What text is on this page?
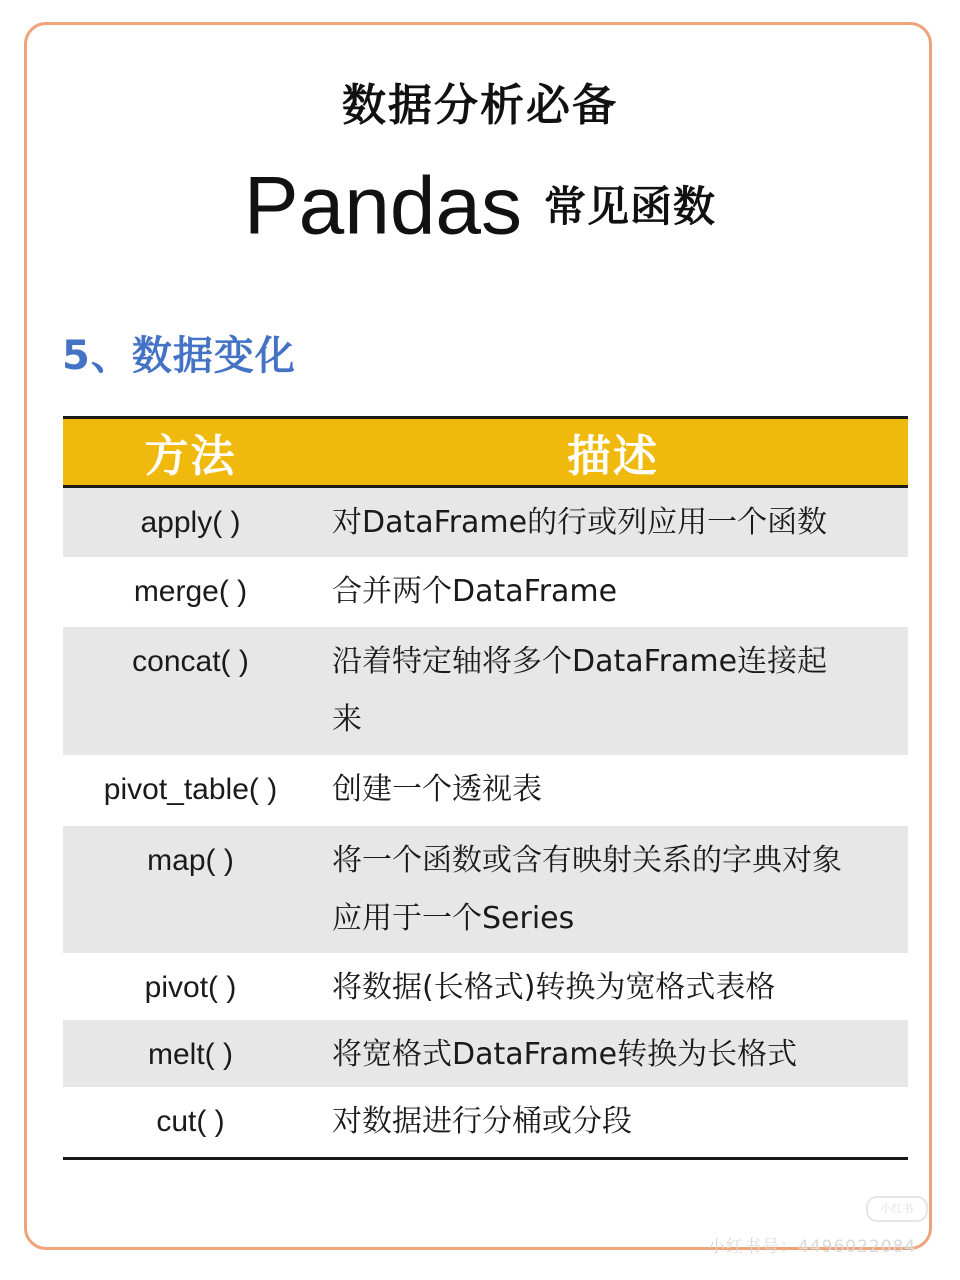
数据分析必备
Pandas 常见函数
5、数据变化
方法	描述
apply( )	对DataFrame的行或列应用一个函数
merge( )	合并两个DataFrame
concat( )	沿着特定轴将多个DataFrame连接起
来
pivot_table( )	创建一个透视表
map( )	将一个函数或含有映射关系的字典对象
应用于一个Series
pivot( )	将数据(长格式)转换为宽格式表格
melt( )	将宽格式DataFrame转换为长格式
cut( )	对数据进行分桶或分段
小红书
小红书号：4496022084
